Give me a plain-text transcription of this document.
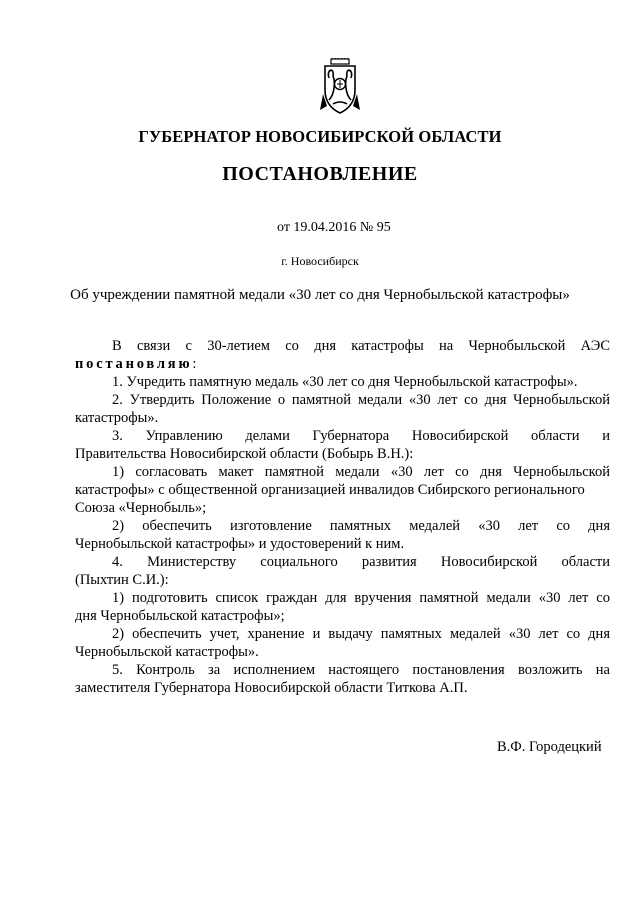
ГУБЕРНАТОР НОВОСИБИРСКОЙ ОБЛАСТИ
ПОСТАНОВЛЕНИЕ
от 19.04.2016 № 95
г. Новосибирск
Об учреждении памятной медали «30 лет со дня Чернобыльской катастрофы»
В связи с 30-летием со дня катастрофы на Чернобыльской АЭС
постановляю:
1. Учредить памятную медаль «30 лет со дня Чернобыльской катастрофы».
2. Утвердить Положение о памятной медали «30 лет со дня Чернобыльской
катастрофы».
3. Управлению делами Губернатора Новосибирской области и
Правительства Новосибирской области (Бобырь В.Н.):
1) согласовать макет памятной медали «30 лет со дня Чернобыльской
катастрофы» с общественной организацией инвалидов Сибирского регионального
Союза «Чернобыль»;
2) обеспечить изготовление памятных медалей «30 лет со дня
Чернобыльской катастрофы» и удостоверений к ним.
4. Министерству социального развития Новосибирской области
(Пыхтин С.И.):
1) подготовить список граждан для вручения памятной медали «30 лет со
дня Чернобыльской катастрофы»;
2) обеспечить учет, хранение и выдачу памятных медалей «30 лет со дня
Чернобыльской катастрофы».
5. Контроль за исполнением настоящего постановления возложить на
заместителя Губернатора Новосибирской области Титкова А.П.
В.Ф. Городецкий
